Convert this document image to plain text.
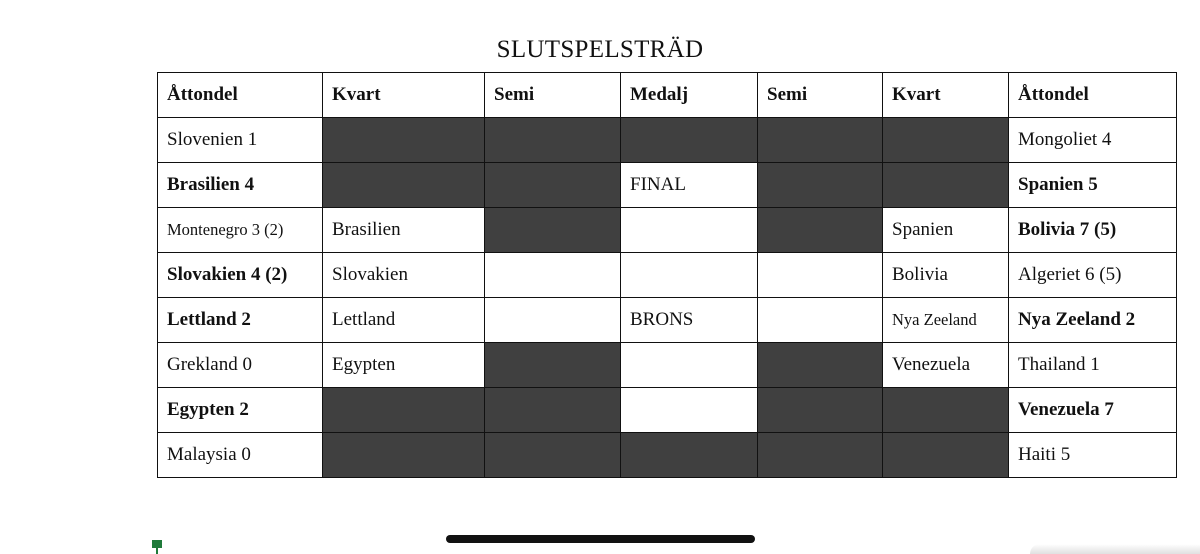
SLUTSPELSTRÄD
Åttondel	Kvart	Semi	Medalj	Semi	Kvart	Åttondel
Slovenien 1						Mongoliet 4
Brasilien 4			FINAL			Spanien 5
Montenegro 3 (2)	Brasilien				Spanien	Bolivia 7 (5)
Slovakien 4 (2)	Slovakien				Bolivia	Algeriet 6 (5)
Lettland 2	Lettland		BRONS		Nya Zeeland	Nya Zeeland 2
Grekland 0	Egypten				Venezuela	Thailand 1
Egypten 2						Venezuela 7
Malaysia 0						Haiti 5
